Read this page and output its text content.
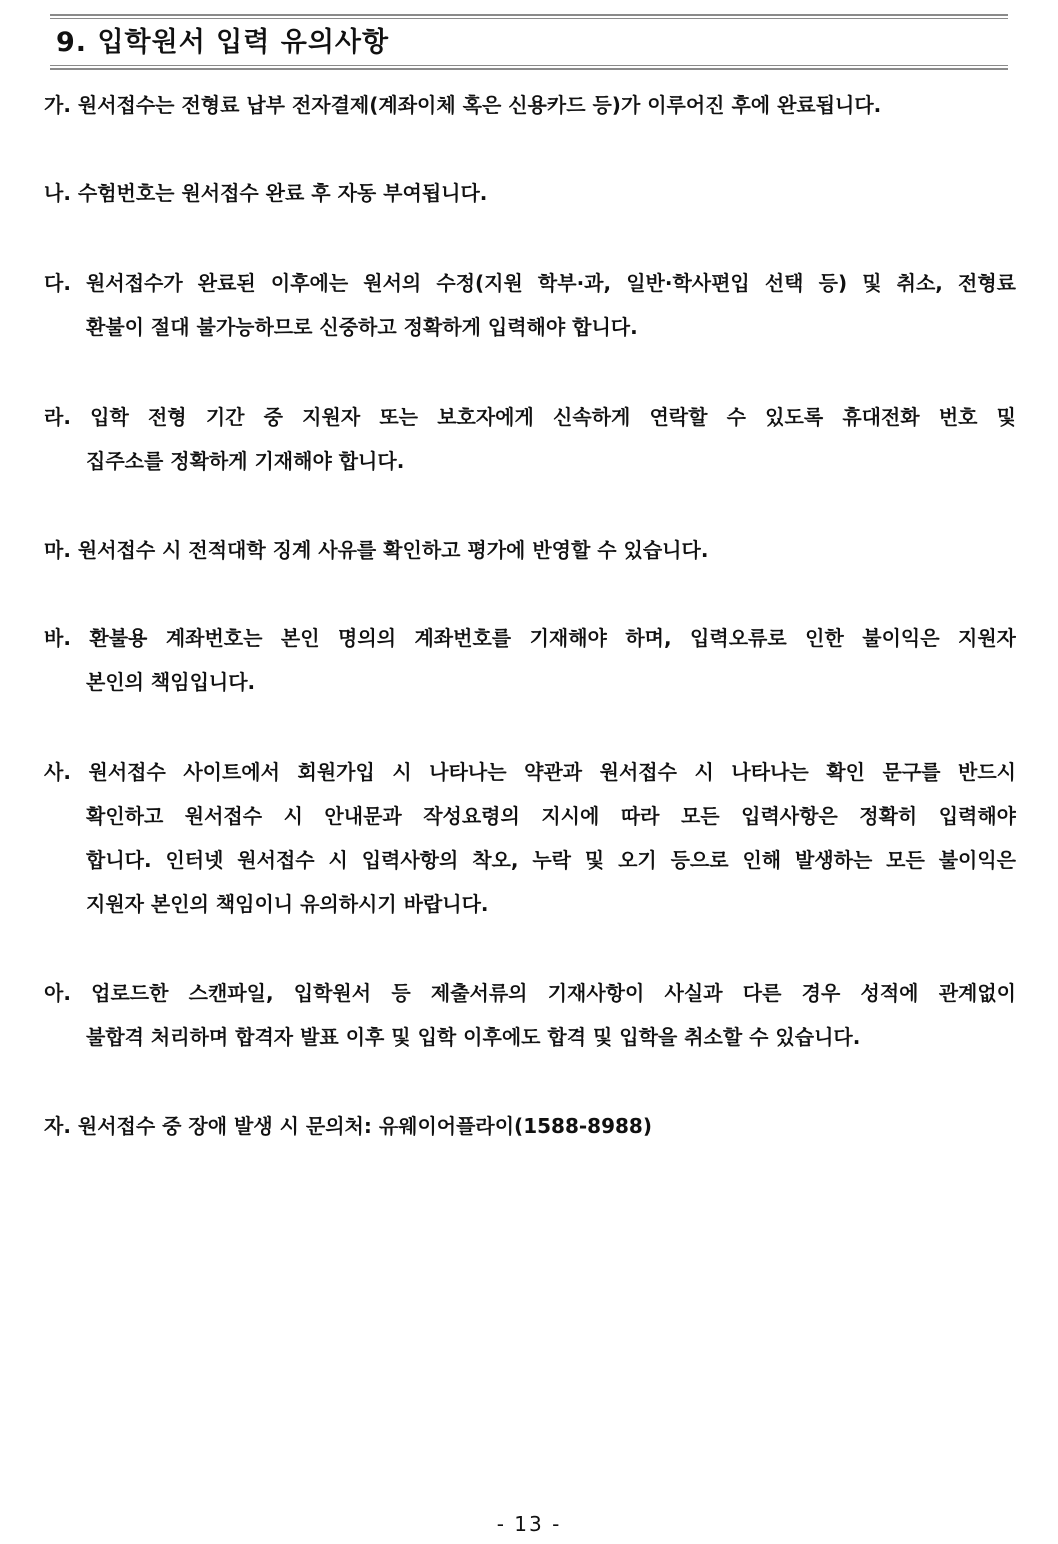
9. 입학원서 입력 유의사항
가. 원서접수는 전형료 납부 전자결제(계좌이체 혹은 신용카드 등)가 이루어진 후에 완료됩니다.
나. 수험번호는 원서접수 완료 후 자동 부여됩니다.
다. 원서접수가 완료된 이후에는 원서의 수정(지원 학부·과, 일반·학사편입 선택 등) 및 취소, 전형료
환불이 절대 불가능하므로 신중하고 정확하게 입력해야 합니다.
라. 입학 전형 기간 중 지원자 또는 보호자에게 신속하게 연락할 수 있도록 휴대전화 번호 및
집주소를 정확하게 기재해야 합니다.
마. 원서접수 시 전적대학 징계 사유를 확인하고 평가에 반영할 수 있습니다.
바. 환불용 계좌번호는 본인 명의의 계좌번호를 기재해야 하며, 입력오류로 인한 불이익은 지원자
본인의 책임입니다.
사. 원서접수 사이트에서 회원가입 시 나타나는 약관과 원서접수 시 나타나는 확인 문구를 반드시
확인하고 원서접수 시 안내문과 작성요령의 지시에 따라 모든 입력사항은 정확히 입력해야
합니다. 인터넷 원서접수 시 입력사항의 착오, 누락 및 오기 등으로 인해 발생하는 모든 불이익은
지원자 본인의 책임이니 유의하시기 바랍니다.
아. 업로드한 스캔파일, 입학원서 등 제출서류의 기재사항이 사실과 다른 경우 성적에 관계없이
불합격 처리하며 합격자 발표 이후 및 입학 이후에도 합격 및 입학을 취소할 수 있습니다.
자. 원서접수 중 장애 발생 시 문의처: 유웨이어플라이(1588-8988)
- 13 -
